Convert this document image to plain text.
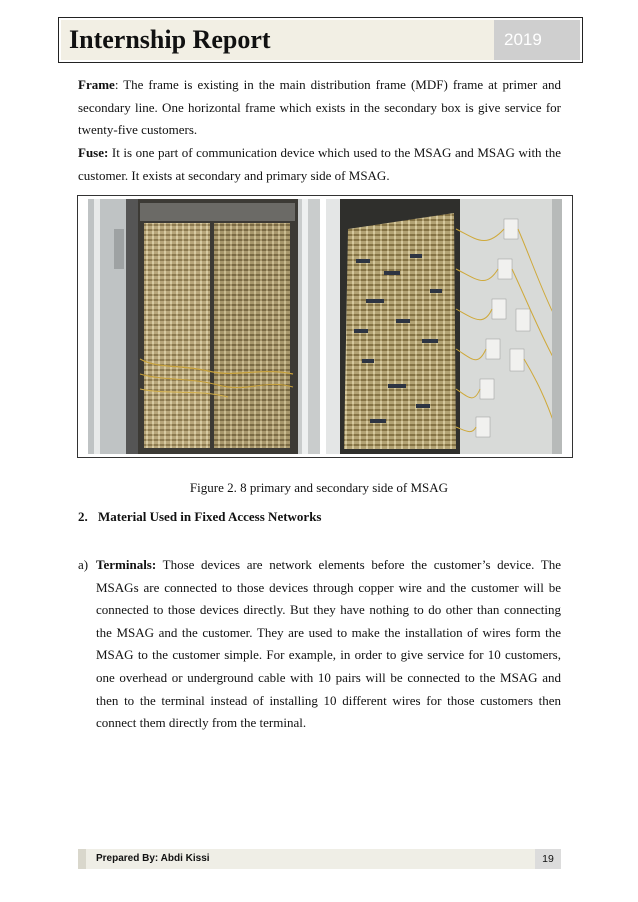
Internship Report	2019

Frame: The frame is existing in the main distribution frame (MDF) frame at primer and secondary line. One horizontal frame which exists in the secondary box is give service for twenty-five customers.

Fuse: It is one part of communication device which used to the MSAG and MSAG with the customer. It exists at secondary and primary side of MSAG.

Figure 2. 8 primary and secondary side of MSAG
2. Material Used in Fixed Access Networks
a) Terminals: Those devices are network elements before the customer’s device. The MSAGs are connected to those devices through copper wire and the customer will be connected to those devices directly. But they have nothing to do other than connecting the MSAG and the customer. They are used to make the installation of wires form the MSAG to the customer simple. For example, in order to give service for 10 customers, one overhead or underground cable with 10 pairs will be connected to the MSAG and then to the terminal instead of installing 10 different wires for those customers then connect them directly from the terminal.

Prepared By: Abdi Kissi	19
